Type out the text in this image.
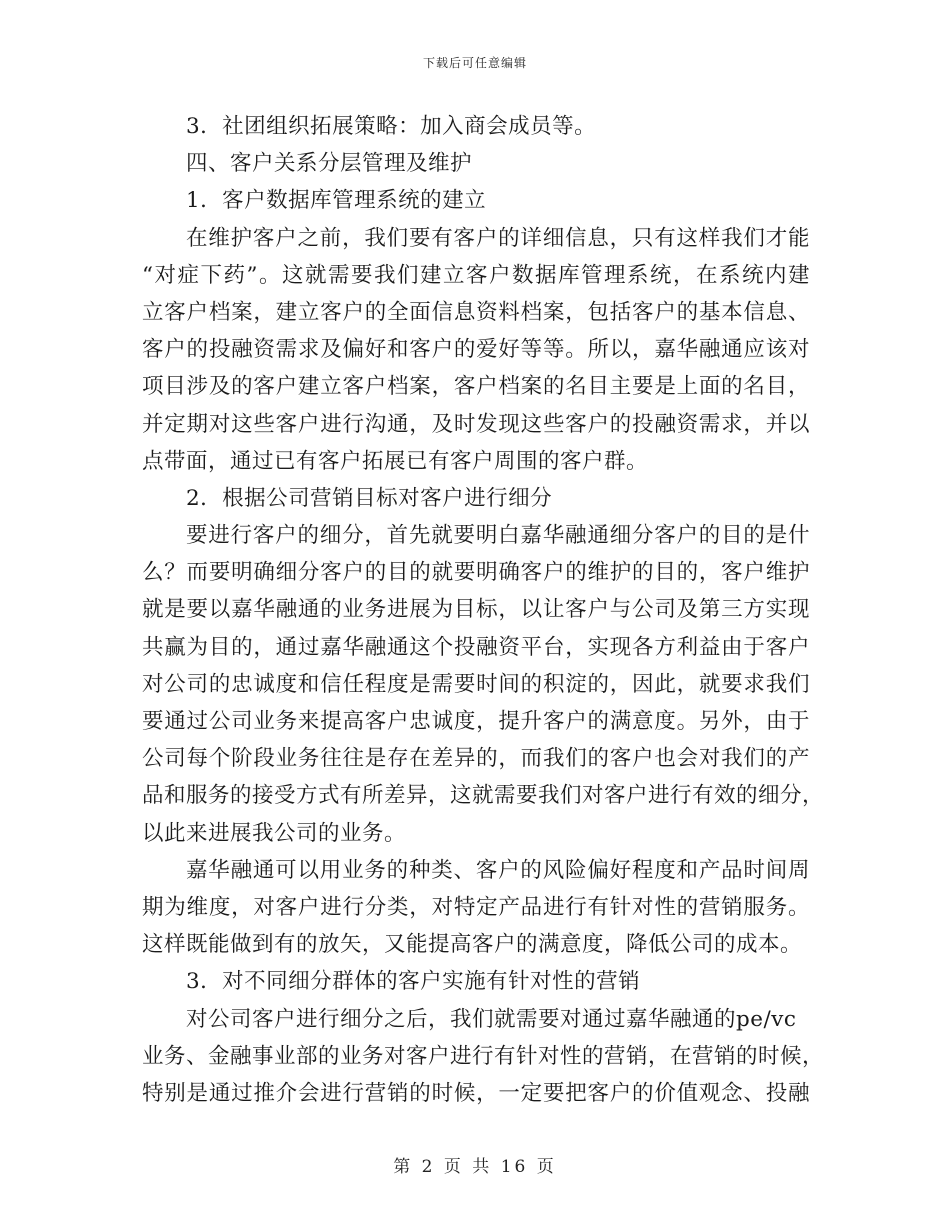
下载后可任意编辑
3．社团组织拓展策略：加入商会成员等。
四、客户关系分层管理及维护
1．客户数据库管理系统的建立
在维护客户之前，我们要有客户的详细信息，只有这样我们才能
“对症下药”。这就需要我们建立客户数据库管理系统，在系统内建
立客户档案，建立客户的全面信息资料档案，包括客户的基本信息、
客户的投融资需求及偏好和客户的爱好等等。所以，嘉华融通应该对
项目涉及的客户建立客户档案，客户档案的名目主要是上面的名目，
并定期对这些客户进行沟通，及时发现这些客户的投融资需求，并以
点带面，通过已有客户拓展已有客户周围的客户群。
2．根据公司营销目标对客户进行细分
要进行客户的细分，首先就要明白嘉华融通细分客户的目的是什
么？而要明确细分客户的目的就要明确客户的维护的目的，客户维护
就是要以嘉华融通的业务进展为目标，以让客户与公司及第三方实现
共赢为目的，通过嘉华融通这个投融资平台，实现各方利益由于客户
对公司的忠诚度和信任程度是需要时间的积淀的，因此，就要求我们
要通过公司业务来提高客户忠诚度，提升客户的满意度。另外，由于
公司每个阶段业务往往是存在差异的，而我们的客户也会对我们的产
品和服务的接受方式有所差异，这就需要我们对客户进行有效的细分，
以此来进展我公司的业务。
嘉华融通可以用业务的种类、客户的风险偏好程度和产品时间周
期为维度，对客户进行分类，对特定产品进行有针对性的营销服务。
这样既能做到有的放矢，又能提高客户的满意度，降低公司的成本。
3．对不同细分群体的客户实施有针对性的营销
对公司客户进行细分之后，我们就需要对通过嘉华融通的pe/vc
业务、金融事业部的业务对客户进行有针对性的营销，在营销的时候，
特别是通过推介会进行营销的时候，一定要把客户的价值观念、投融
第 2 页 共 16 页
